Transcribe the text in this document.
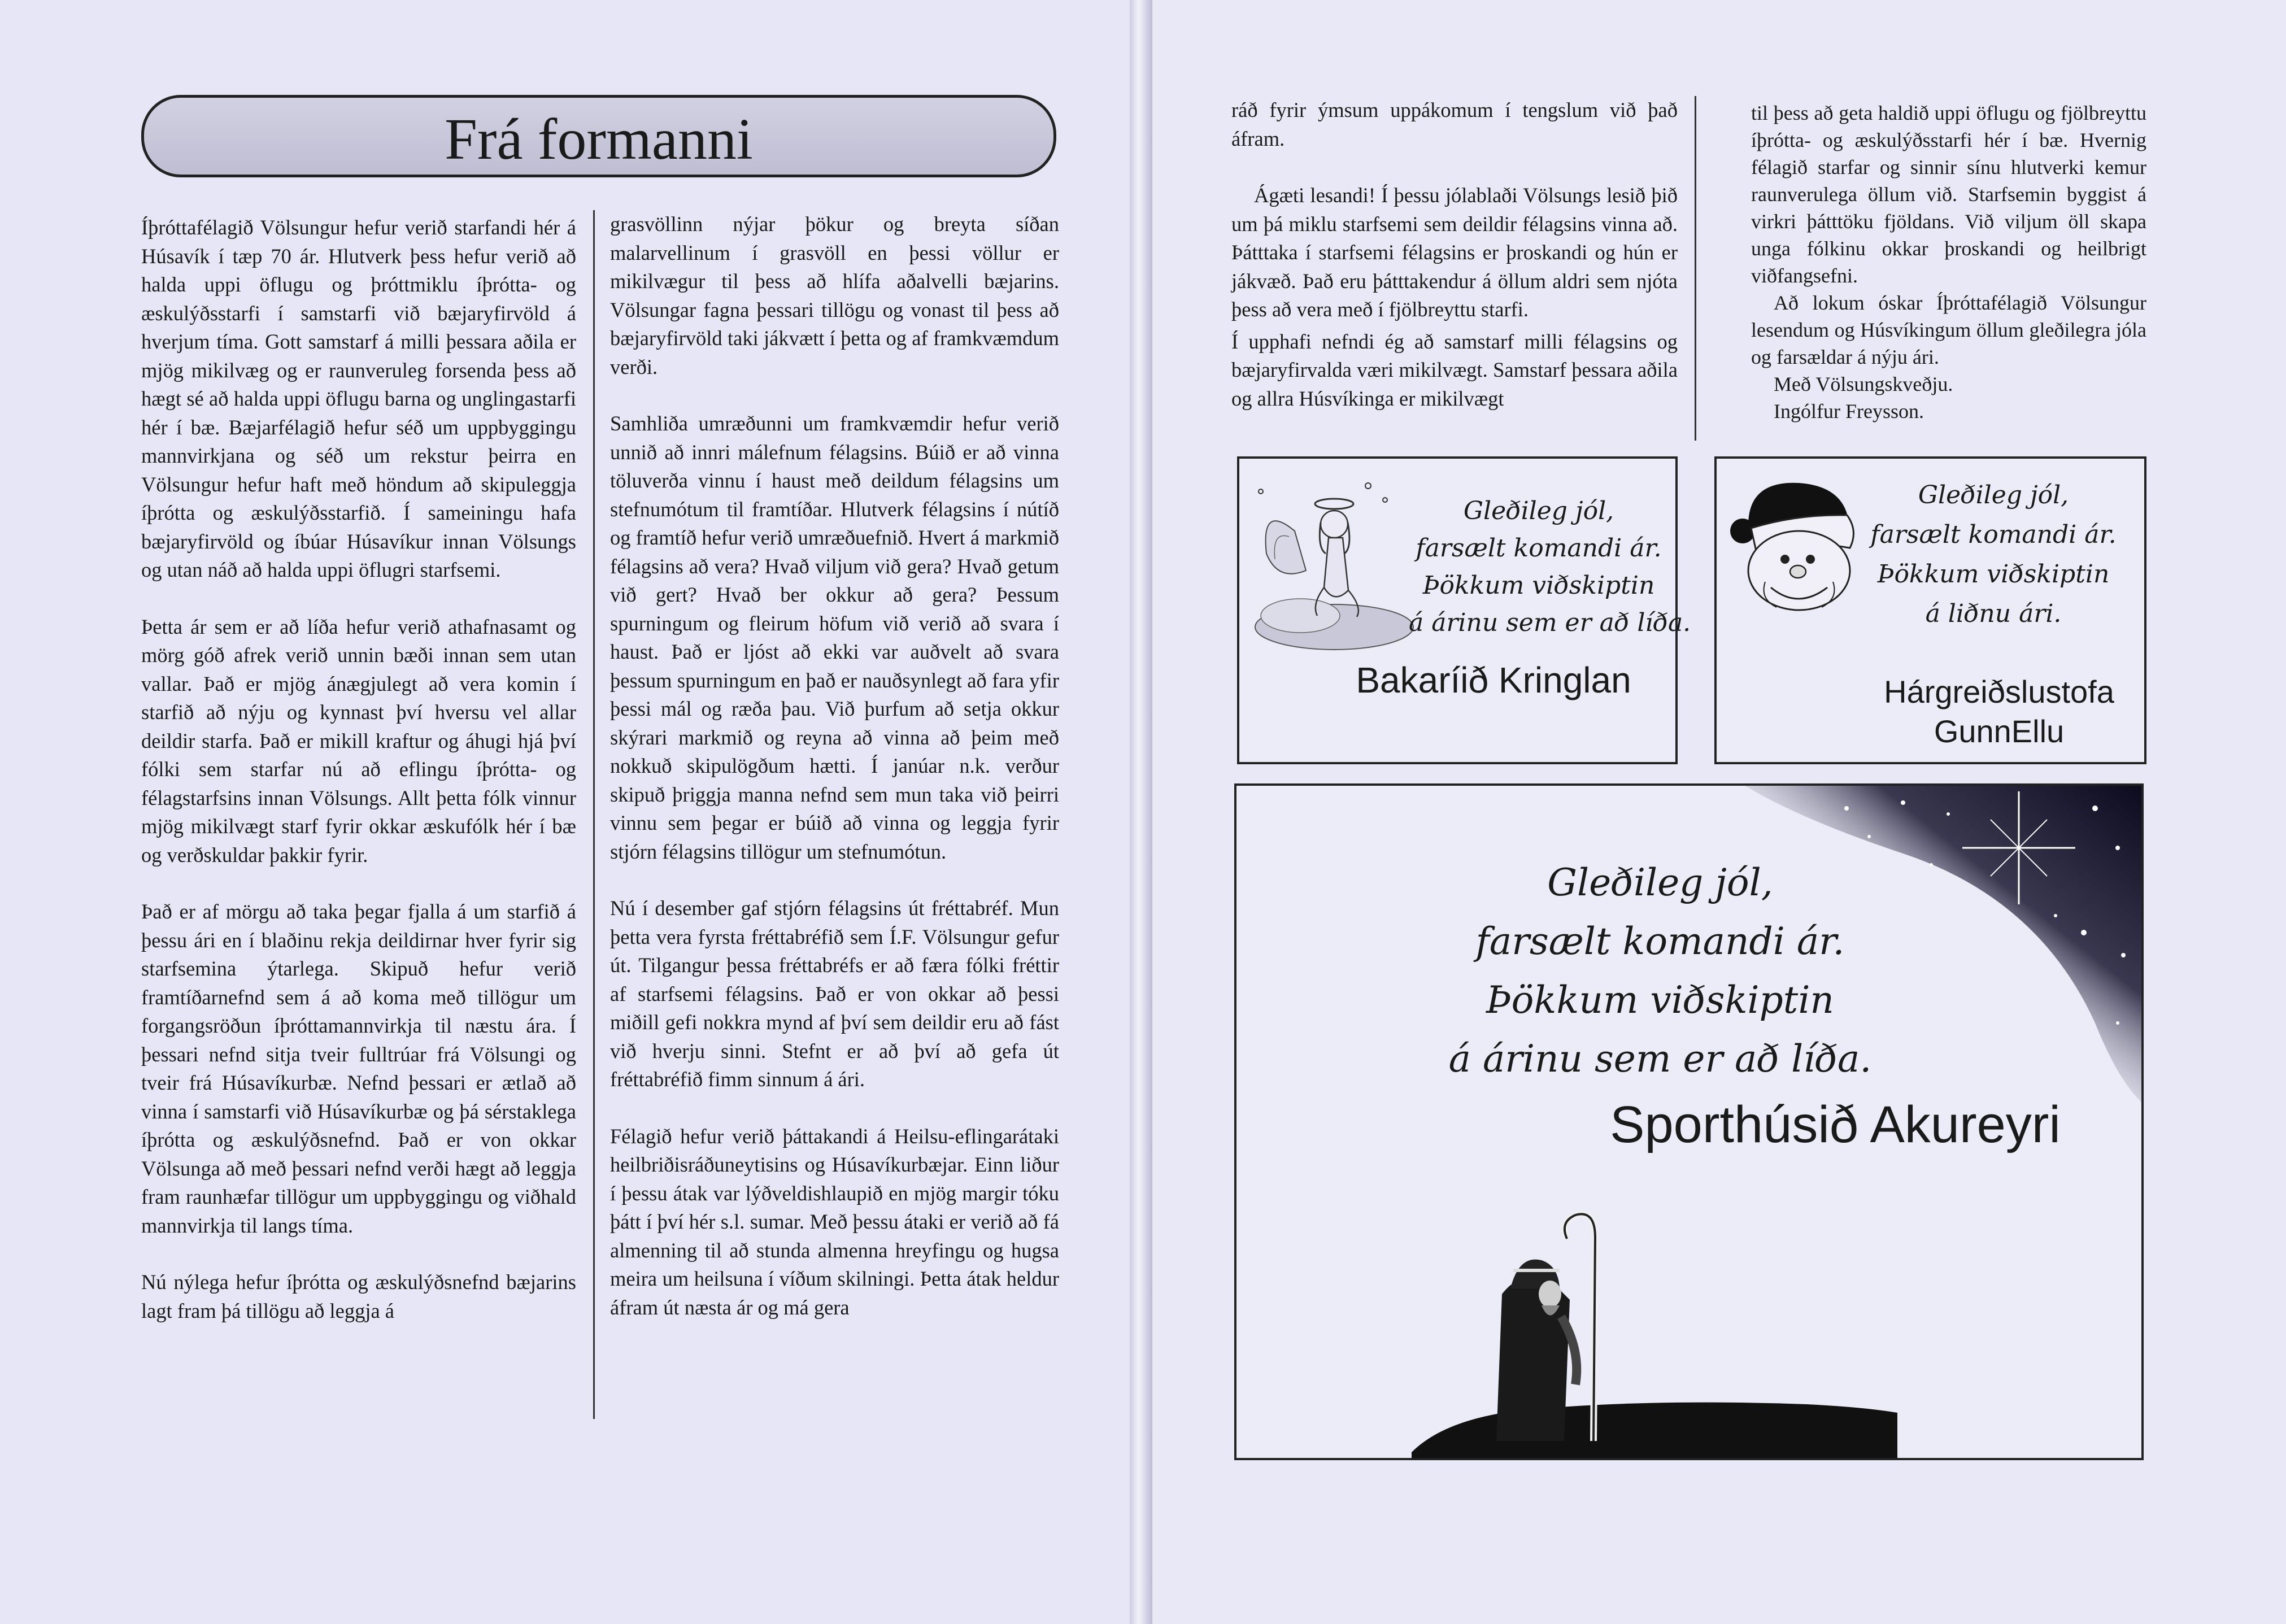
Frá formanni

Íþróttafélagið Völsungur hefur verið starfandi hér á Húsavík í tæp 70 ár. Hlutverk þess hefur verið að halda uppi öflugu og þróttmiklu íþrótta- og æskulýðsstarfi í samstarfi við bæjaryfirvöld á hverjum tíma. Gott samstarf á milli þessara aðila er mjög mikilvæg og er raunveruleg forsenda þess að hægt sé að halda uppi öflugu barna og unglingastarfi hér í bæ. Bæjarfélagið hefur séð um uppbyggingu mannvirkjana og séð um rekstur þeirra en Völsungur hefur haft með höndum að skipuleggja íþrótta og æskulýðsstarfið. Í sameiningu hafa bæjaryfirvöld og íbúar Húsavíkur innan Völsungs og utan náð að halda uppi öflugri starfsemi.

Þetta ár sem er að líða hefur verið athafnasamt og mörg góð afrek verið unnin bæði innan sem utan vallar. Það er mjög ánægjulegt að vera komin í starfið að nýju og kynnast því hversu vel allar deildir starfa. Það er mikill kraftur og áhugi hjá því fólki sem starfar nú að eflingu íþrótta- og félagstarfsins innan Völsungs. Allt þetta fólk vinnur mjög mikilvægt starf fyrir okkar æskufólk hér í bæ og verðskuldar þakkir fyrir.

Það er af mörgu að taka þegar fjalla á um starfið á þessu ári en í blaðinu rekja deildirnar hver fyrir sig starfsemina ýtarlega. Skipuð hefur verið framtíðarnefnd sem á að koma með tillögur um forgangsröðun íþróttamannvirkja til næstu ára. Í þessari nefnd sitja tveir fulltrúar frá Völsungi og tveir frá Húsavíkurbæ. Nefnd þessari er ætlað að vinna í samstarfi við Húsavíkurbæ og þá sérstaklega íþrótta og æskulýðsnefnd. Það er von okkar Völsunga að með þessari nefnd verði hægt að leggja fram raunhæfar tillögur um uppbyggingu og viðhald mannvirkja til langs tíma.

Nú nýlega hefur íþrótta og æskulýðsnefnd bæjarins lagt fram þá tillögu að leggja á

grasvöllinn nýjar þökur og breyta síðan malarvellinum í grasvöll en þessi völlur er mikilvægur til þess að hlífa aðalvelli bæjarins. Völsungar fagna þessari tillögu og vonast til þess að bæjaryfirvöld taki jákvætt í þetta og af framkvæmdum verði.

Samhliða umræðunni um framkvæmdir hefur verið unnið að innri málefnum félagsins. Búið er að vinna töluverða vinnu í haust með deildum félagsins um stefnumótum til framtíðar. Hlutverk félagsins í nútíð og framtíð hefur verið umræðuefnið. Hvert á markmið félagsins að vera? Hvað viljum við gera? Hvað getum við gert? Hvað ber okkur að gera? Þessum spurningum og fleirum höfum við verið að svara í haust. Það er ljóst að ekki var auðvelt að svara þessum spurningum en það er nauðsynlegt að fara yfir þessi mál og ræða þau. Við þurfum að setja okkur skýrari markmið og reyna að vinna að þeim með nokkuð skipulögðum hætti. Í janúar n.k. verður skipuð þriggja manna nefnd sem mun taka við þeirri vinnu sem þegar er búið að vinna og leggja fyrir stjórn félagsins tillögur um stefnumótun.

Nú í desember gaf stjórn félagsins út fréttabréf. Mun þetta vera fyrsta fréttabréfið sem Í.F. Völsungur gefur út. Tilgangur þessa fréttabréfs er að færa fólki fréttir af starfsemi félagsins. Það er von okkar að þessi miðill gefi nokkra mynd af því sem deildir eru að fást við hverju sinni. Stefnt er að því að gefa út fréttabréfið fimm sinnum á ári.

Félagið hefur verið þáttakandi á Heilsu-eflingarátaki heilbriðisráðuneytisins og Húsavíkurbæjar. Einn liður í þessu átak var lýðveldishlaupið en mjög margir tóku þátt í því hér s.l. sumar. Með þessu átaki er verið að fá almenning til að stunda almenna hreyfingu og hugsa meira um heilsuna í víðum skilningi. Þetta átak heldur áfram út næsta ár og má gera

ráð fyrir ýmsum uppákomum í tengslum við það áfram.

Ágæti lesandi! Í þessu jólablaði Völsungs lesið þið um þá miklu starfsemi sem deildir félagsins vinna að. Þátttaka í starfsemi félagsins er þroskandi og hún er jákvæð. Það eru þátttakendur á öllum aldri sem njóta þess að vera með í fjölbreyttu starfi.

Í upphafi nefndi ég að samstarf milli félagsins og bæjaryfirvalda væri mikilvægt. Samstarf þessara aðila og allra Húsvíkinga er mikilvægt

til þess að geta haldið uppi öflugu og fjölbreyttu íþrótta- og æskulýðsstarfi hér í bæ. Hvernig félagið starfar og sinnir sínu hlutverki kemur raunverulega öllum við. Starfsemin byggist á virkri þátttöku fjöldans. Við viljum öll skapa unga fólkinu okkar þroskandi og heilbrigt viðfangsefni.

Að lokum óskar Íþróttafélagið Völsungur lesendum og Húsvíkingum öllum gleðilegra jóla og farsældar á nýju ári.

Með Völsungskveðju.

Ingólfur Freysson.

Gleðileg jól,
farsælt komandi ár.
Þökkum viðskiptin
á árinu sem er að líða.
Bakaríið Kringlan
Gleðileg jól,
farsælt komandi ár.
Þökkum viðskiptin
á liðnu ári.
Hárgreiðslustofa
GunnEllu
Gleðileg jól,
farsælt komandi ár.
Þökkum viðskiptin
á árinu sem er að líða.
Sporthúsið Akureyri
